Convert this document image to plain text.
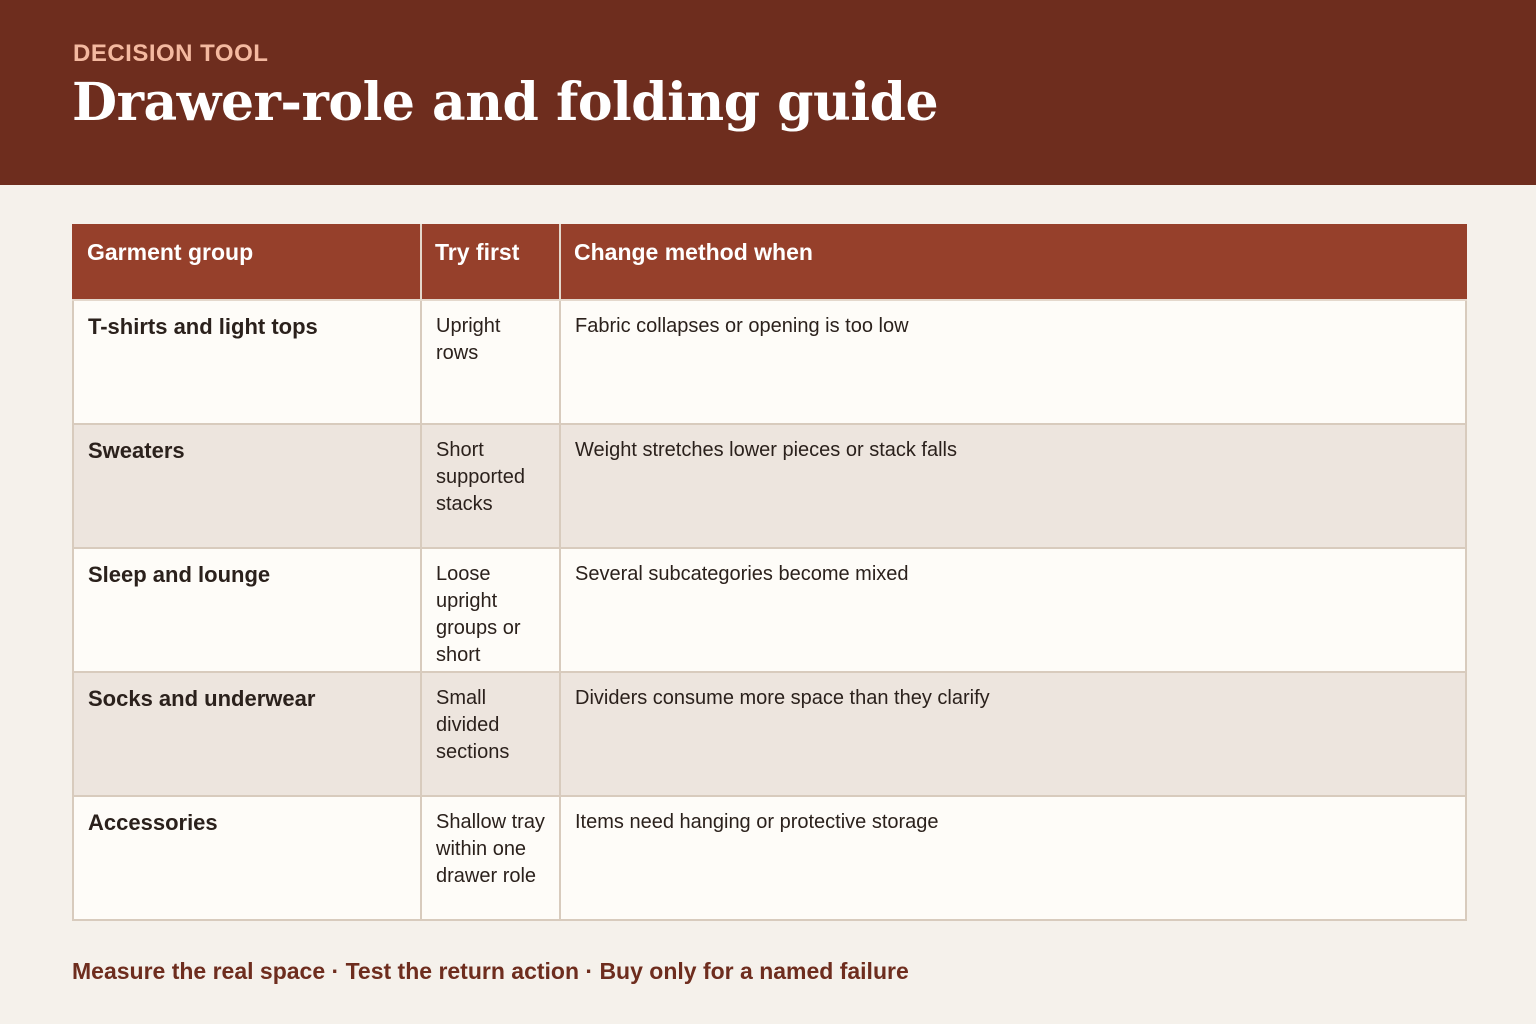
DECISION TOOL
Drawer-role and folding guide
Garment group	Try first	Change method when
T-shirts and light tops	Upright rows	Fabric collapses or opening is too low
Sweaters	Short supported stacks	Weight stretches lower pieces or stack falls
Sleep and lounge	Loose upright groups or short	Several subcategories become mixed
Socks and underwear	Small divided sections	Dividers consume more space than they clarify
Accessories	Shallow tray within one drawer role	Items need hanging or protective storage
Measure the real space · Test the return action · Buy only for a named failure
